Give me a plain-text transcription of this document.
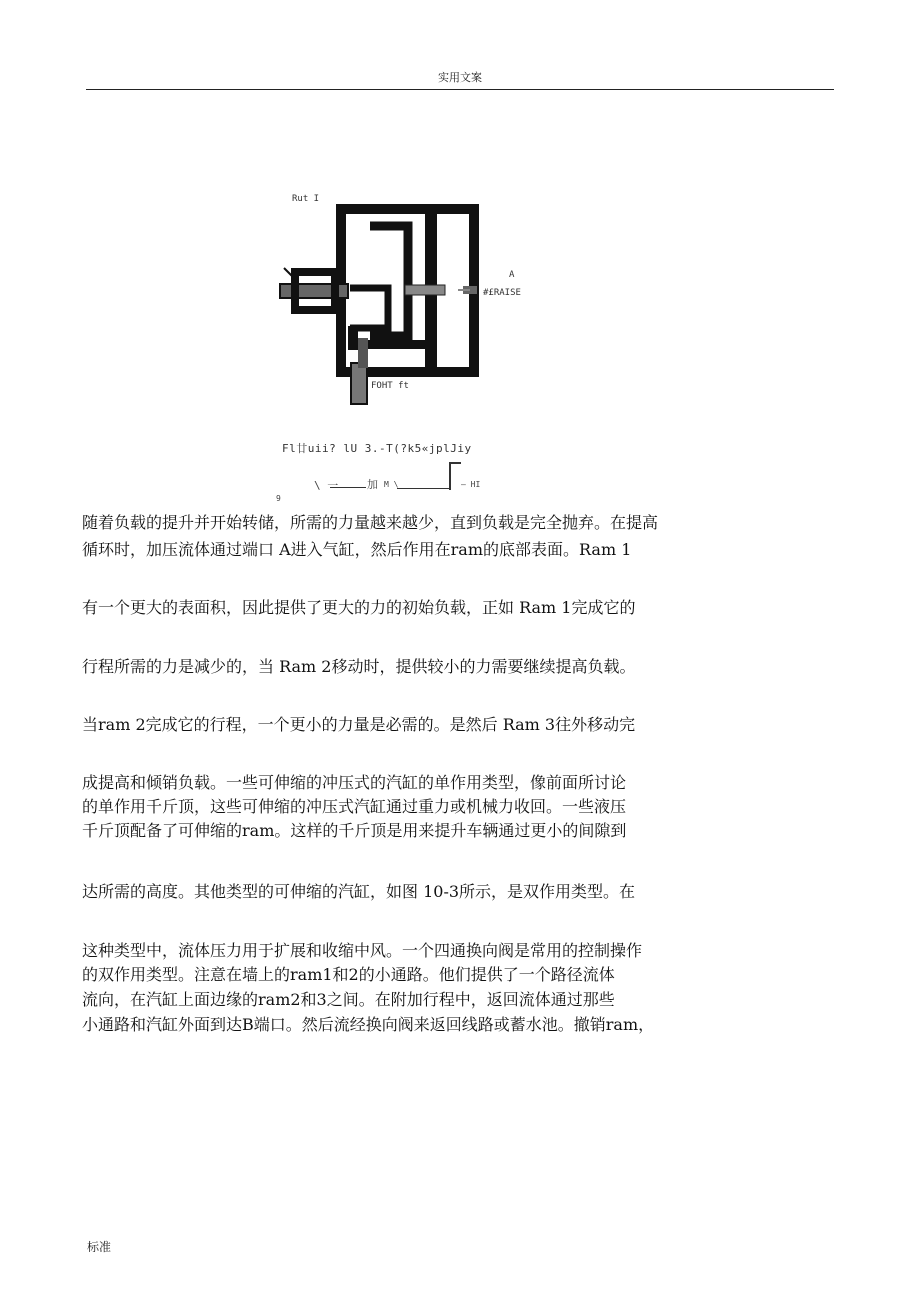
实用文案
Rut I
A
#£RAISE
FOHT ft
Fl廿uii? lU 3.-T(?k5«jplJiy
\ 一	加 M \	— HI
9
随着负载的提升并开始转储，所需的力量越来越少，直到负载是完全抛弃。在提高
循环时，加压流体通过端口 A进入气缸，然后作用在ram的底部表面。Ram 1
有一个更大的表面积，因此提供了更大的力的初始负载，正如 Ram 1完成它的
行程所需的力是减少的，当 Ram 2移动时，提供较小的力需要继续提高负载。
当ram 2完成它的行程，一个更小的力量是必需的。是然后 Ram 3往外移动完
成提高和倾销负载。一些可伸缩的冲压式的汽缸的单作用类型，像前面所讨论
的单作用千斤顶，这些可伸缩的冲压式汽缸通过重力或机械力收回。一些液压
千斤顶配备了可伸缩的ram。这样的千斤顶是用来提升车辆通过更小的间隙到
达所需的高度。其他类型的可伸缩的汽缸，如图 10-3所示，是双作用类型。在
这种类型中，流体压力用于扩展和收缩中风。一个四通换向阀是常用的控制操作
的双作用类型。注意在墙上的ram1和2的小通路。他们提供了一个路径流体
流向，在汽缸上面边缘的ram2和3之间。在附加行程中，返回流体通过那些
小通路和汽缸外面到达B端口。然后流经换向阀来返回线路或蓄水池。撤销ram，
标准
